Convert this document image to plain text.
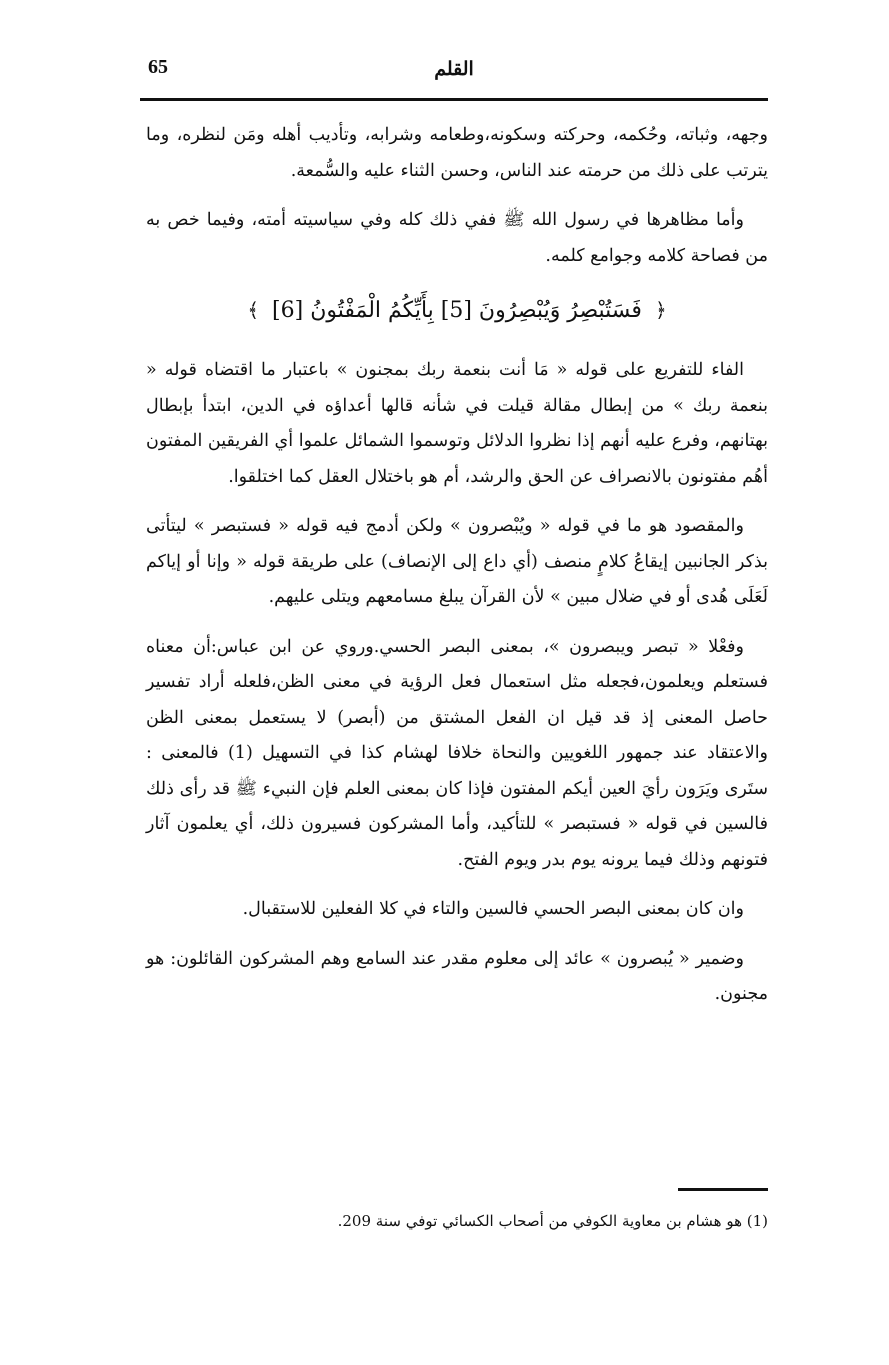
65	القلم

وجهه، وثباته، وحُكمه، وحركته وسكونه،وطعامه وشرابه، وتأديب أهله ومَن لنظره، وما يترتب على ذلك من حرمته عند الناس، وحسن الثناء عليه والسُّمعة.

وأما مظاهرها في رسول الله ﷺ ففي ذلك كله وفي سياسيته أمته، وفيما خص به من فصاحة كلامه وجوامع كلمه.

﴿ فَسَتُبْصِرُ وَيُبْصِرُونَ [5] بِأَيِّكُمُ الْمَفْتُونُ [6] ﴾

الفاء للتفريع على قوله « مَا أنت بنعمة ربك بمجنون » باعتبار ما اقتضاه قوله « بنعمة ربك » من إبطال مقالة قيلت في شأنه قالها أعداؤه في الدين، ابتدأ بإبطال بهتانهم، وفرع عليه أنهم إذا نظروا الدلائل وتوسموا الشمائل علموا أي الفريقين المفتون أهُم مفتونون بالانصراف عن الحق والرشد، أم هو باختلال العقل كما اختلقوا.

والمقصود هو ما في قوله « ويُبْصرون » ولكن أدمج فيه قوله « فستبصر » ليتأتى بذكر الجانبين إيقاعُ كلامٍ منصف (أي داع إلى الإنصاف) على طريقة قوله « وإنا أو إياكم لَعَلَى هُدى أو في ضلال مبين » لأن القرآن يبلغ مسامعهم ويتلى عليهم.

وفعْلا « تبصر ويبصرون »، بمعنى البصر الحسي.وروي عن ابن عباس:أن معناه فستعلم ويعلمون،فجعله مثل استعمال فعل الرؤية في معنى الظن،فلعله أراد تفسير حاصل المعنى إذ قد قيل ان الفعل المشتق من (أبصر) لا يستعمل بمعنى الظن والاعتقاد عند جمهور اللغويين والنحاة خلافا لهشام كذا في التسهيل (1) فالمعنى : ستَرى ويَرَون رأيَ العين أيكم المفتون فإذا كان بمعنى العلم فإن النبيء ﷺ قد رأى ذلك فالسين في قوله « فستبصر » للتأكيد، وأما المشركون فسيرون ذلك، أي يعلمون آثار فتونهم وذلك فيما يرونه يوم بدر ويوم الفتح.

وان كان بمعنى البصر الحسي فالسين والتاء في كلا الفعلين للاستقبال.

وضمير « يُبصرون » عائد إلى معلوم مقدر عند السامع وهم المشركون القائلون: هو مجنون.

(1) هو هشام بن معاوية الكوفي من أصحاب الكسائي توفي سنة 209.
